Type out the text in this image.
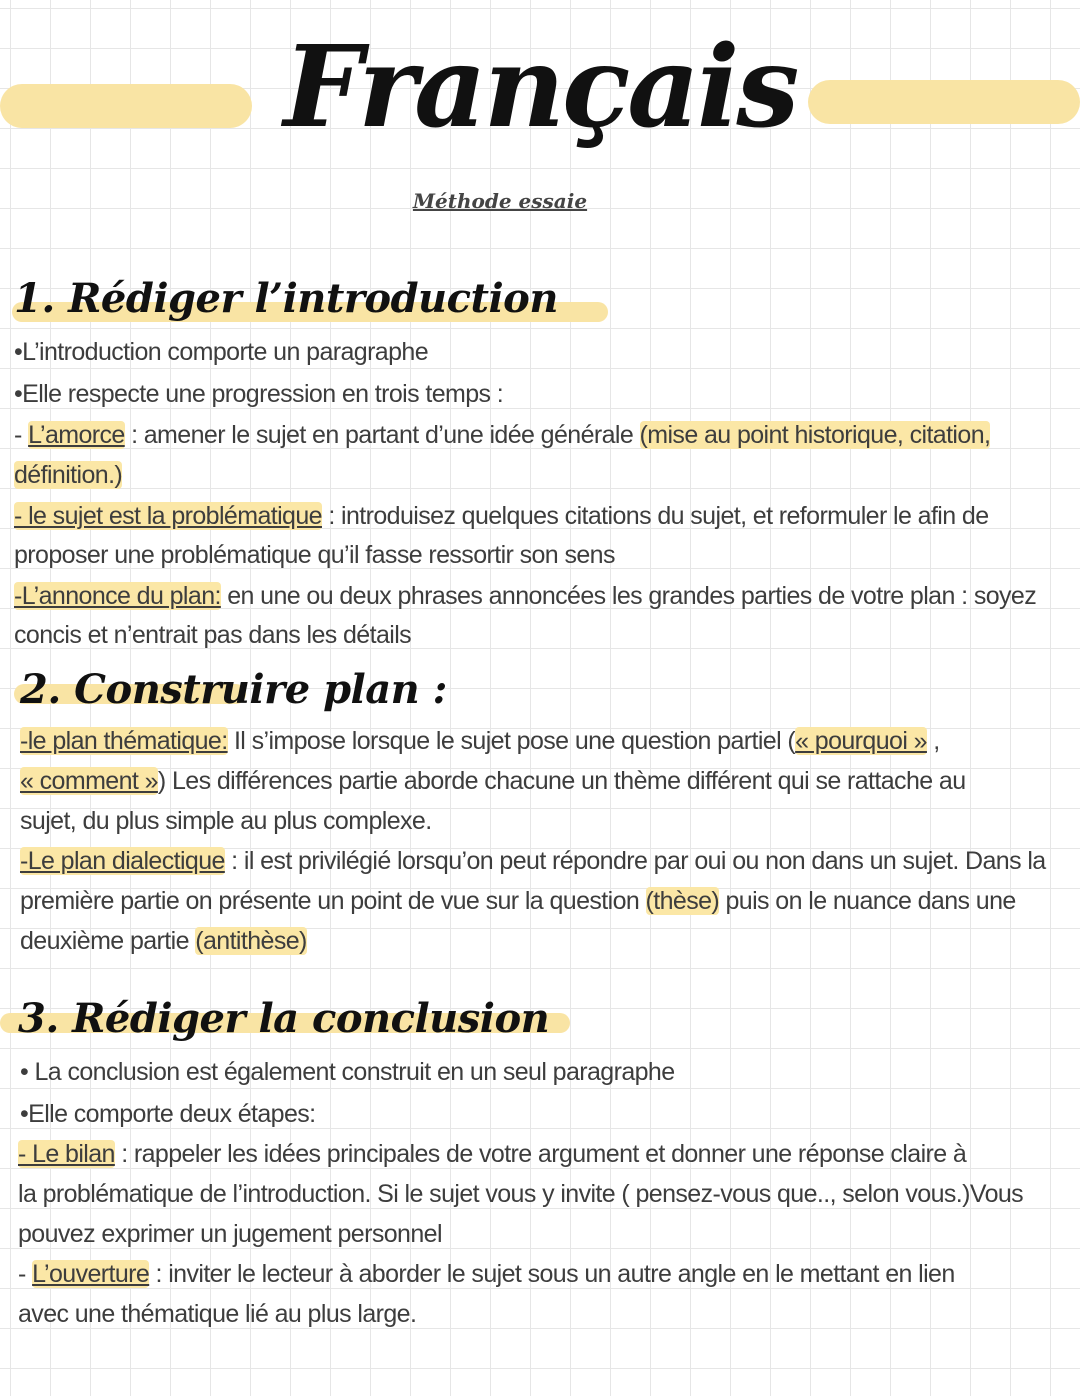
Français
Méthode essaie
1. Rédiger l’introduction
•L’introduction comporte un paragraphe
•Elle respecte une progression en trois temps :
- L’amorce : amener le sujet en partant d’une idée générale (mise au point historique, citation,
définition.)
- le sujet est la problématique : introduisez quelques citations du sujet, et reformuler le afin de
proposer une problématique qu’il fasse ressortir son sens
-L’annonce du plan: en une ou deux phrases annoncées les grandes parties de votre plan : soyez
concis et n’entrait pas dans les détails
2. Construire plan :
-le plan thématique: Il s’impose lorsque le sujet pose une question partiel (« pourquoi » ,
« comment ») Les différences partie aborde chacune un thème différent qui se rattache au
sujet, du plus simple au plus complexe.
-Le plan dialectique : il est privilégié lorsqu’on peut répondre par oui ou non dans un sujet. Dans la
première partie on présente un point de vue sur la question (thèse) puis on le nuance dans une
deuxième partie (antithèse)
3. Rédiger la conclusion
• La conclusion est également construit en un seul paragraphe
•Elle comporte deux étapes:
- Le bilan : rappeler les idées principales de votre argument et donner une réponse claire à
la problématique de l’introduction. Si le sujet vous y invite ( pensez-vous que.., selon vous.)Vous
pouvez exprimer un jugement personnel
- L’ouverture : inviter le lecteur à aborder le sujet sous un autre angle en le mettant en lien
avec une thématique lié au plus large.
